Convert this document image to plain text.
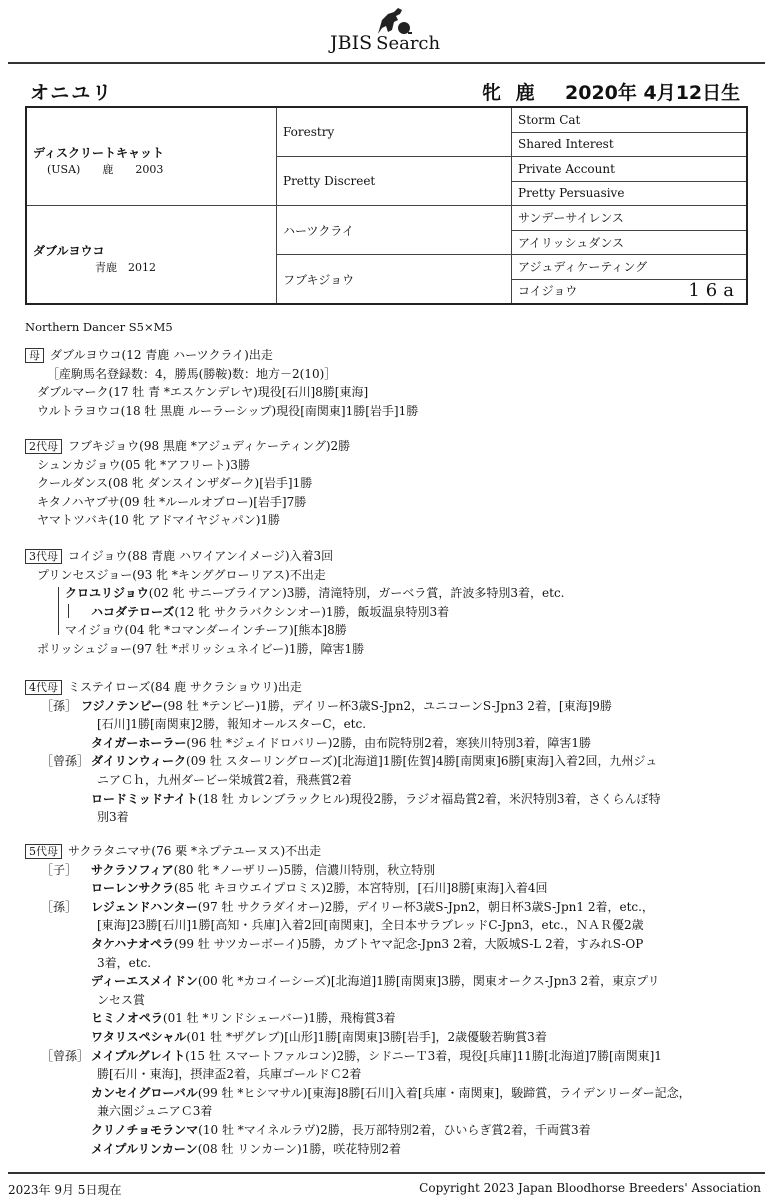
JBIS Search
オニユリ	牝 鹿 2020年 4月12日生
ディスクリートキャット
(USA)　　鹿　　2003	Forestry	Storm Cat
		Shared Interest
	Pretty Discreet	Private Account
		Pretty Persuasive

ダブルヨウコ
青鹿　2012	ハーツクライ	サンデーサイレンス
		アイリッシュダンス
	フブキジョウ	アジュディケーティング
		コイジョウ 16a
Northern Dancer S5×M5
母 ダブルヨウコ(12 青鹿 ハーツクライ)出走
［産駒馬名登録数：4，勝馬(勝鞍)数：地方－2(10)］
ダブルマーク(17 牡 青 *エスケンデレヤ)現役[石川]8勝[東海]
ウルトラヨウコ(18 牡 黒鹿 ルーラーシップ)現役[南関東]1勝[岩手]1勝
2代母 フブキジョウ(98 黒鹿 *アジュディケーティング)2勝
シュンカジョウ(05 牝 *アフリート)3勝
クールダンス(08 牝 ダンスインザダーク)[岩手]1勝
キタノハヤブサ(09 牡 *ルールオブロー)[岩手]7勝
ヤマトツバキ(10 牝 アドマイヤジャパン)1勝
3代母 コイジョウ(88 青鹿 ハワイアンイメージ)入着3回
プリンセスジョー(93 牝 *キンググローリアス)不出走
クロユリジョウ(02 牝 サニーブライアン)3勝，清滝特別，ガーベラ賞，許波多特別3着，etc.
ハコダテローズ(12 牝 サクラバクシンオー)1勝，飯坂温泉特別3着
マイジョウ(04 牝 *コマンダーインチーフ)[熊本]8勝
ポリッシュジョー(97 牡 *ポリッシュネイビー)1勝，障害1勝
4代母 ミステイローズ(84 鹿 サクラショウリ)出走
［孫］ フジノテンビー(98 牡 *テンビー)1勝，デイリー杯3歳S-Jpn2，ユニコーンS-Jpn3 2着，[東海]9勝
[石川]1勝[南関東]2勝，報知オールスターC，etc.
タイガーホーラー(96 牡 *ジェイドロバリー)2勝，由布院特別2着，寒狭川特別3着，障害1勝
［曾孫］ ダイリンウィーク(09 牡 スターリングローズ)[北海道]1勝[佐賀]4勝[南関東]6勝[東海]入着2回，九州ジュ
ニアＣｈ，九州ダービー栄城賞2着，飛燕賞2着
ロードミッドナイト(18 牡 カレンブラックヒル)現役2勝，ラジオ福島賞2着，米沢特別3着，さくらんぼ特
別3着
5代母 サクラタニマサ(76 栗 *ネプテユーヌス)不出走
［子］ サクラソフィア(80 牝 *ノーザリー)5勝，信濃川特別，秋立特別
ローレンサクラ(85 牝 キヨウエイプロミス)2勝，本宮特別，[石川]8勝[東海]入着4回
［孫］ レジェンドハンター(97 牡 サクラダイオー)2勝，デイリー杯3歳S-Jpn2，朝日杯3歳S-Jpn1 2着，etc.，
[東海]23勝[石川]1勝[高知・兵庫]入着2回[南関東]，全日本サラブレッドC-Jpn3，etc.，ＮＡＲ優2歳
タケハナオペラ(99 牡 サツカーボーイ)5勝，カブトヤマ記念-Jpn3 2着，大阪城S-L 2着，すみれS-OP
3着，etc.
ディーエスメイドン(00 牝 *カコイーシーズ)[北海道]1勝[南関東]3勝，関東オークス-Jpn3 2着，東京プリ
ンセス賞
ヒミノオペラ(01 牡 *リンドシェーバー)1勝，飛梅賞3着
ワタリスペシャル(01 牡 *ザグレブ)[山形]1勝[南関東]3勝[岩手]，2歳優駿若駒賞3着
［曾孫］ メイプルグレイト(15 牡 スマートファルコン)2勝，シドニーＴ3着，現役[兵庫]11勝[北海道]7勝[南関東]1
勝[石川・東海]，摂津盃2着，兵庫ゴールドＣ2着
カンセイグローバル(99 牡 *ヒシマサル)[東海]8勝[石川]入着[兵庫・南関東]，駿蹄賞，ライデンリーダー記念，
兼六園ジュニアＣ3着
クリノチョモランマ(10 牡 *マイネルラヴ)2勝，長万部特別2着，ひいらぎ賞2着，千両賞3着
メイプルリンカーン(08 牡 リンカーン)1勝，咲花特別2着
2023年 9月 5日現在	Copyright 2023 Japan Bloodhorse Breeders' Association
